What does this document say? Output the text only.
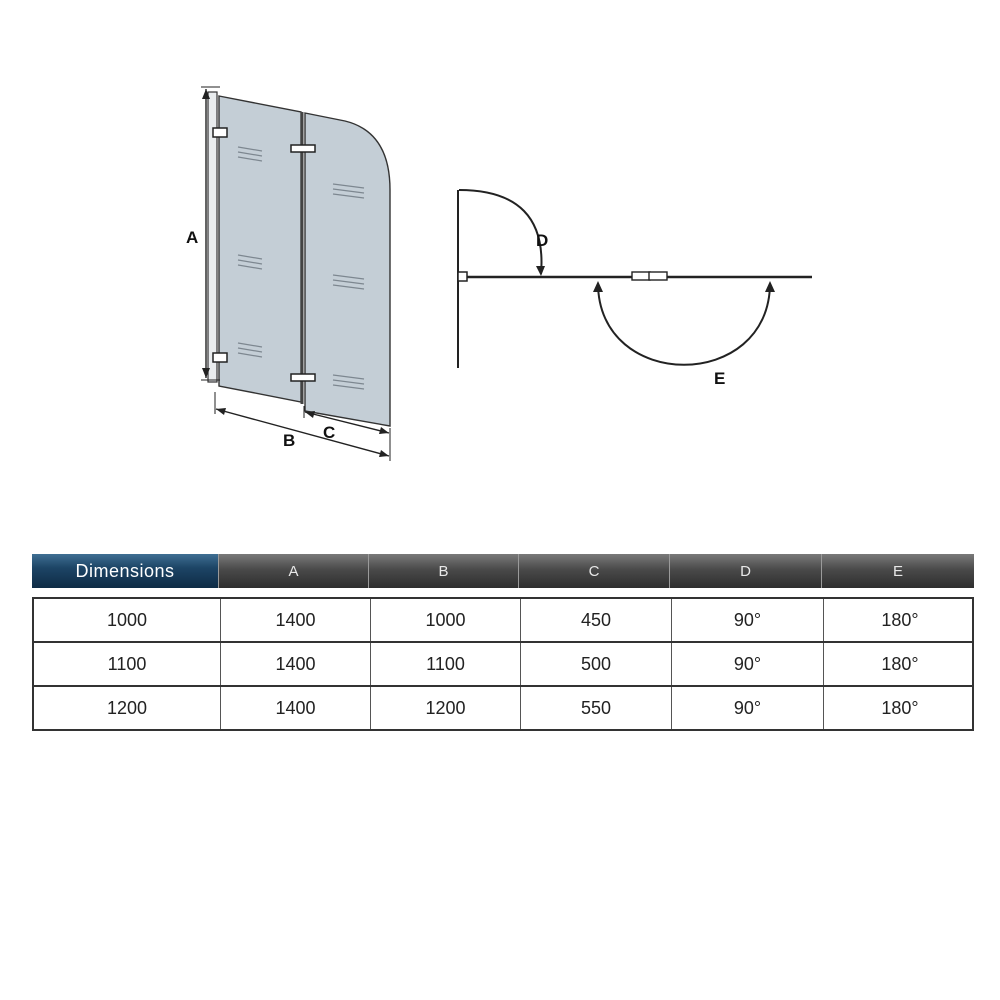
A
B C
D
E
Dimensions	A	B	C	D	E
1000	1400	1000	450	90°	180°
1100	1400	1100	500	90°	180°
1200	1400	1200	550	90°	180°
